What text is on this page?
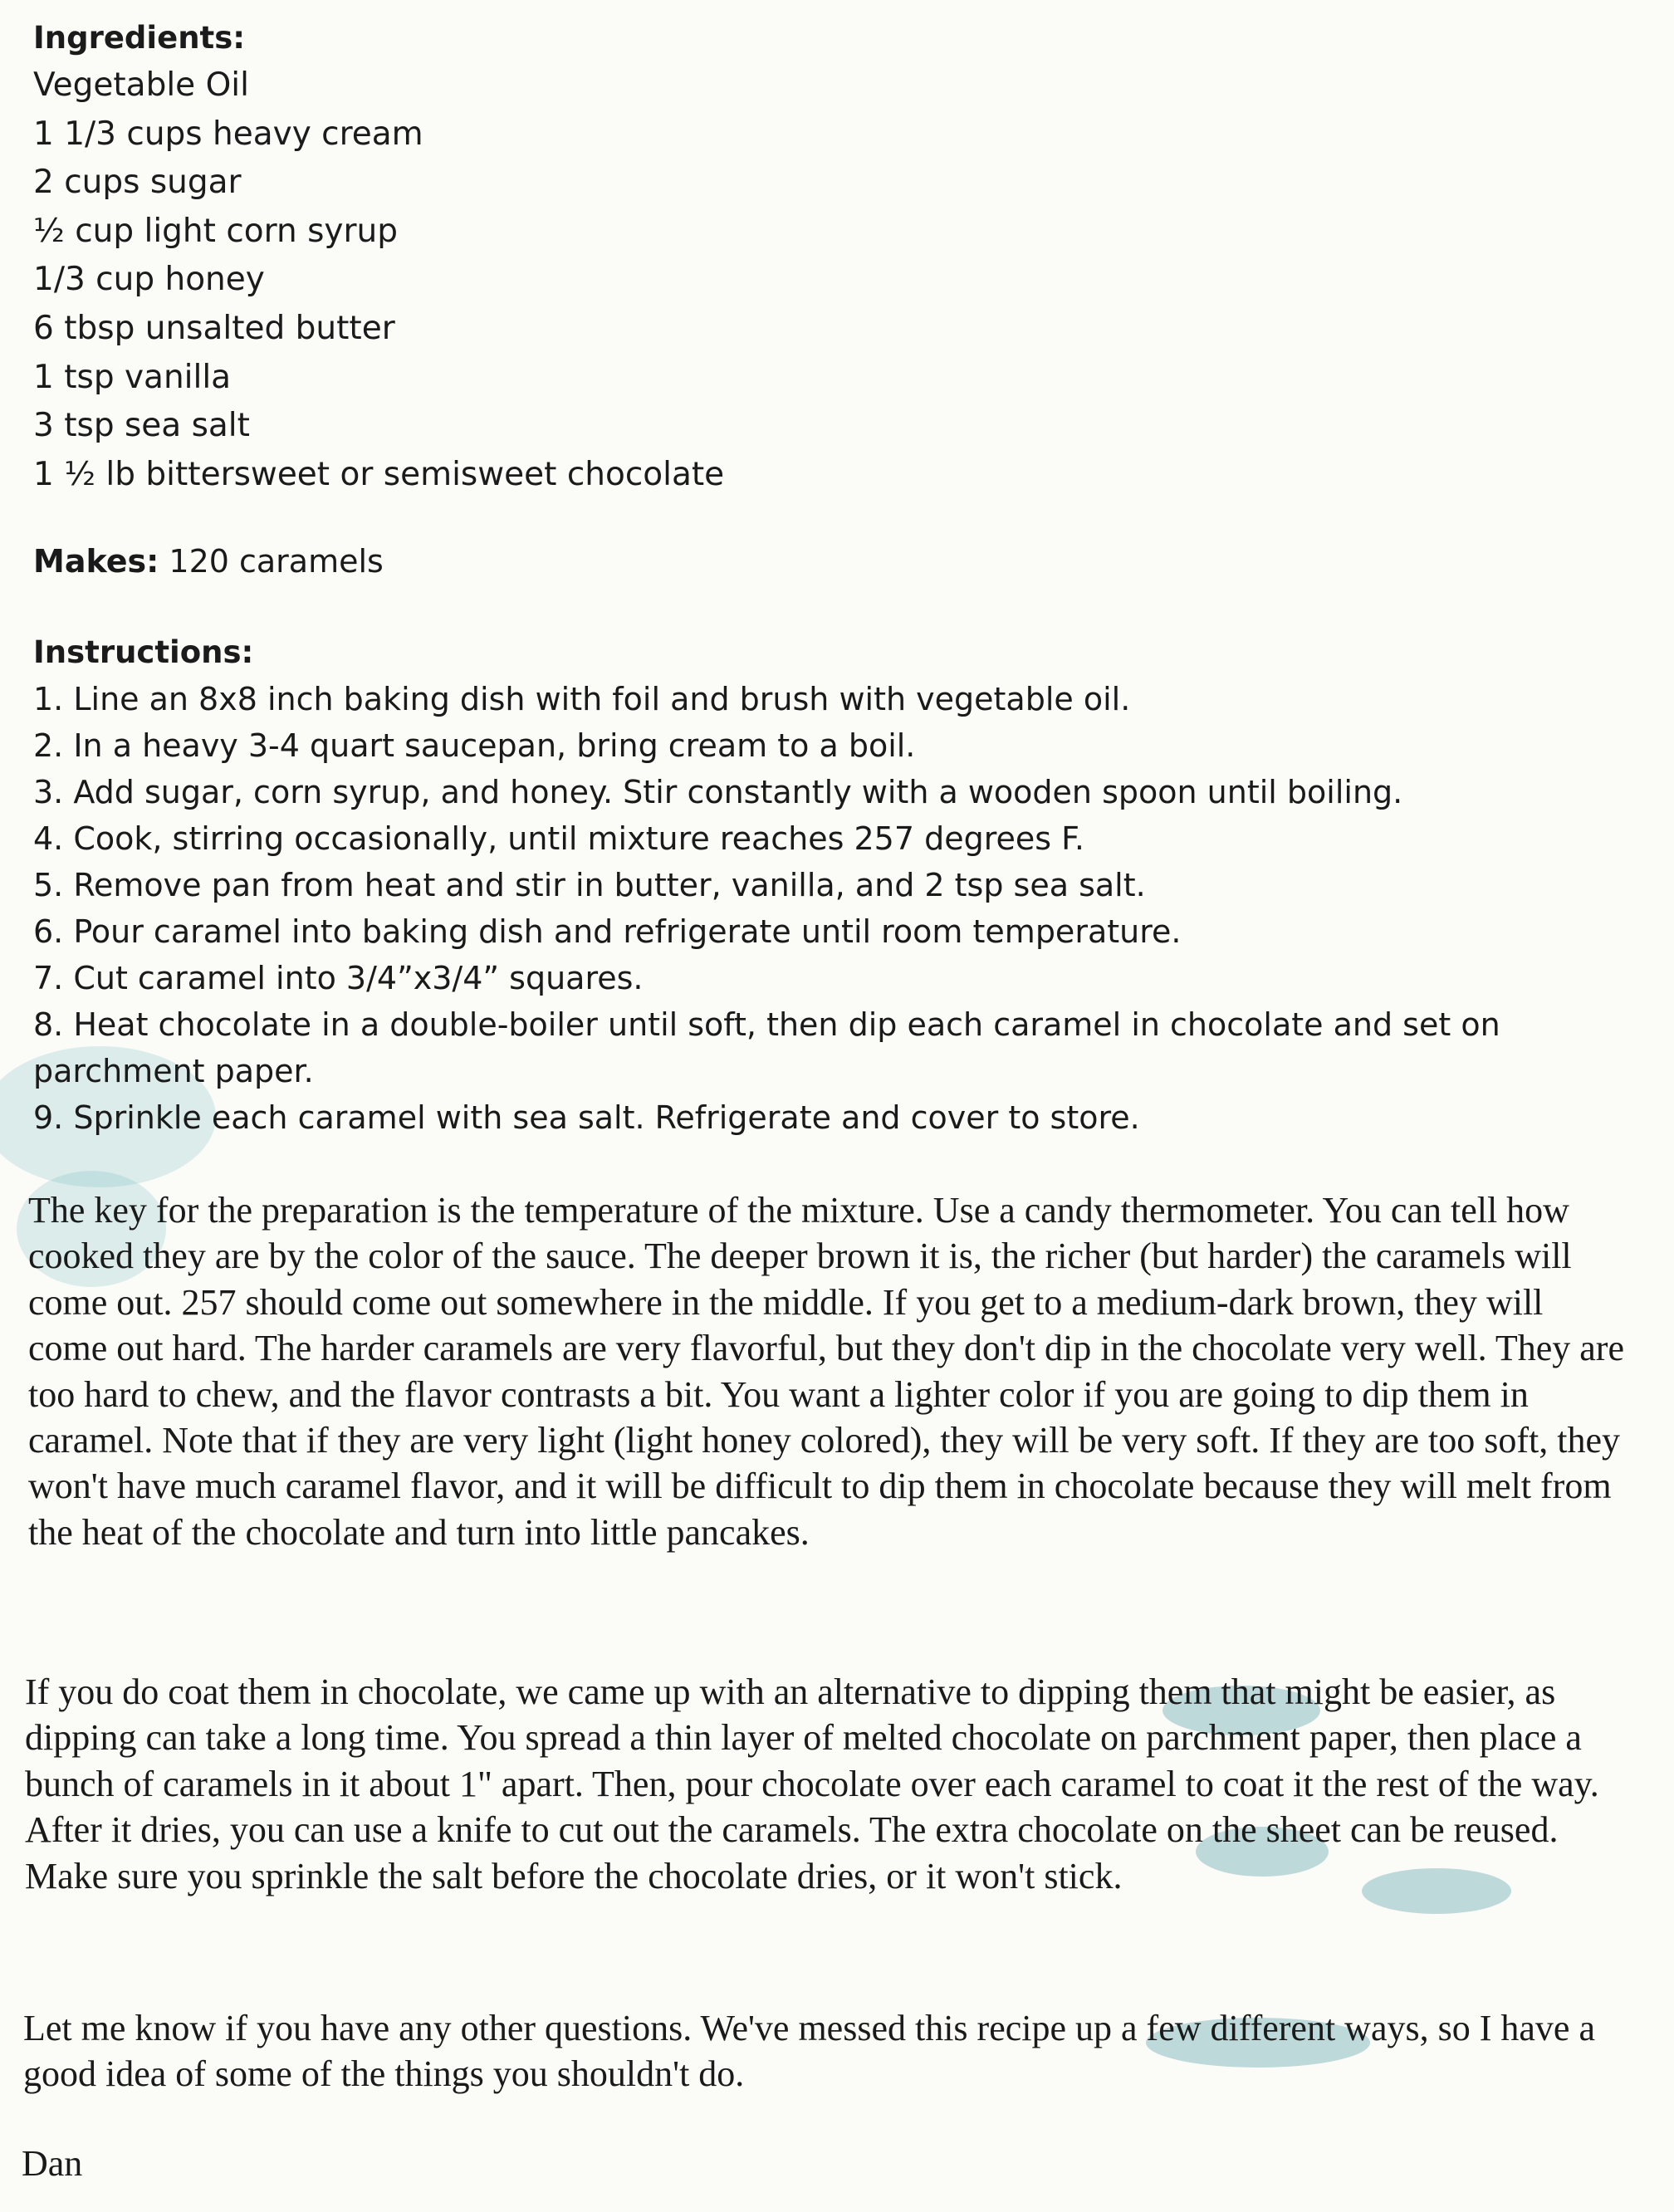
Ingredients:
Vegetable Oil
1 1/3 cups heavy cream
2 cups sugar
½ cup light corn syrup
1/3 cup honey
6 tbsp unsalted butter
1 tsp vanilla
3 tsp sea salt
1 ½ lb bittersweet or semisweet chocolate
Makes: 120 caramels
Instructions:
1. Line an 8x8 inch baking dish with foil and brush with vegetable oil.
2. In a heavy 3-4 quart saucepan, bring cream to a boil.
3. Add sugar, corn syrup, and honey. Stir constantly with a wooden spoon until boiling.
4. Cook, stirring occasionally, until mixture reaches 257 degrees F.
5. Remove pan from heat and stir in butter, vanilla, and 2 tsp sea salt.
6. Pour caramel into baking dish and refrigerate until room temperature.
7. Cut caramel into 3/4”x3/4” squares.
8. Heat chocolate in a double-boiler until soft, then dip each caramel in chocolate and set on parchment paper.
9. Sprinkle each caramel with sea salt. Refrigerate and cover to store.
The key for the preparation is the temperature of the mixture. Use a candy thermometer. You can tell how cooked they are by the color of the sauce. The deeper brown it is, the richer (but harder) the caramels will come out. 257 should come out somewhere in the middle. If you get to a medium-dark brown, they will come out hard. The harder caramels are very flavorful, but they don't dip in the chocolate very well. They are too hard to chew, and the flavor contrasts a bit. You want a lighter color if you are going to dip them in caramel. Note that if they are very light (light honey colored), they will be very soft. If they are too soft, they won't have much caramel flavor, and it will be difficult to dip them in chocolate because they will melt from the heat of the chocolate and turn into little pancakes.
If you do coat them in chocolate, we came up with an alternative to dipping them that might be easier, as dipping can take a long time. You spread a thin layer of melted chocolate on parchment paper, then place a bunch of caramels in it about 1" apart. Then, pour chocolate over each caramel to coat it the rest of the way. After it dries, you can use a knife to cut out the caramels. The extra chocolate on the sheet can be reused. Make sure you sprinkle the salt before the chocolate dries, or it won't stick.
Let me know if you have any other questions. We've messed this recipe up a few different ways, so I have a good idea of some of the things you shouldn't do.
Dan
